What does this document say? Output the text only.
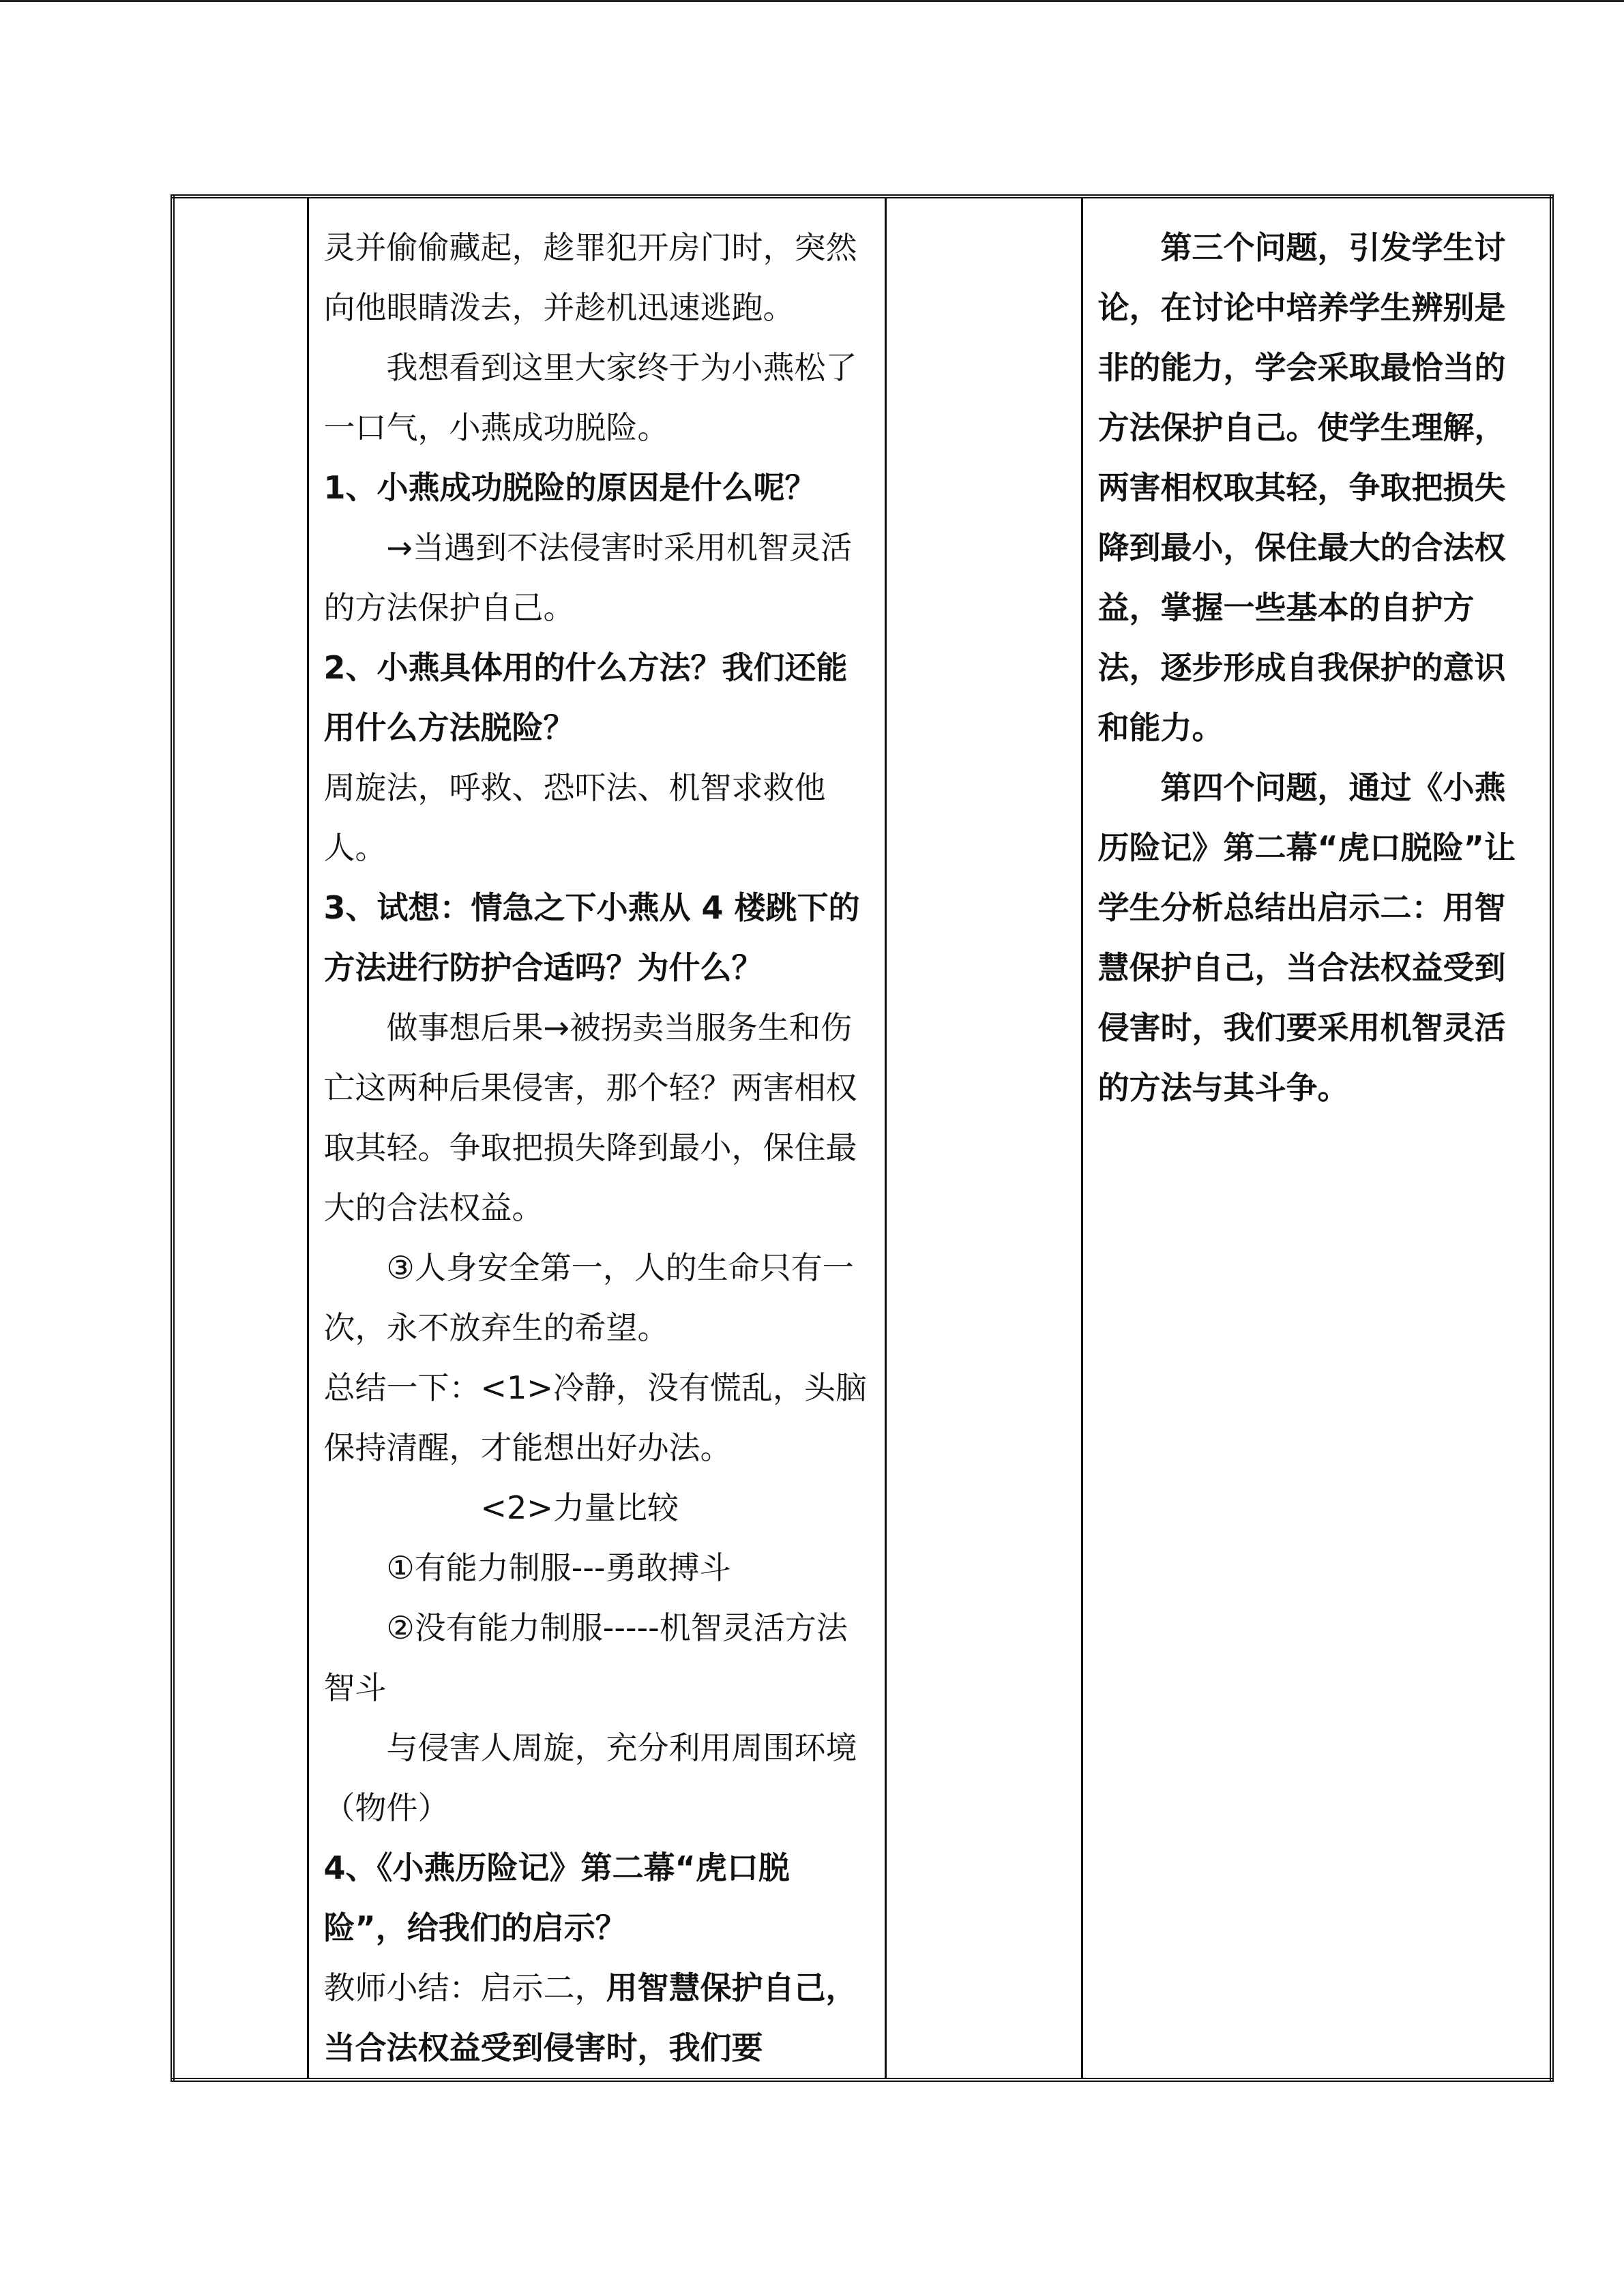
灵并偷偷藏起，趁罪犯开房门时，突然向他眼睛泼去，并趁机迅速逃跑。

我想看到这里大家终于为小燕松了一口气，小燕成功脱险。

1、小燕成功脱险的原因是什么呢？

→当遇到不法侵害时采用机智灵活的方法保护自己。

2、小燕具体用的什么方法？我们还能用什么方法脱险？

周旋法，呼救、恐吓法、机智求救他人。

3、试想：情急之下小燕从 4 楼跳下的方法进行防护合适吗？为什么？

做事想后果→被拐卖当服务生和伤亡这两种后果侵害，那个轻？两害相权取其轻。争取把损失降到最小，保住最大的合法权益。

③人身安全第一，人的生命只有一次，永不放弃生的希望。

总结一下：<1>冷静，没有慌乱，头脑保持清醒，才能想出好办法。

<2>力量比较

①有能力制服---勇敢搏斗

②没有能力制服-----机智灵活方法智斗

与侵害人周旋，充分利用周围环境（物件）

4、《小燕历险记》第二幕“虎口脱险”，给我们的启示？

教师小结：启示二，用智慧保护自己，当合法权益受到侵害时，我们要

第三个问题，引发学生讨论，在讨论中培养学生辨别是非的能力，学会采取最恰当的方法保护自己。使学生理解，两害相权取其轻，争取把损失降到最小，保住最大的合法权益，掌握一些基本的自护方法，逐步形成自我保护的意识和能力。

第四个问题，通过《小燕历险记》第二幕“虎口脱险”让学生分析总结出启示二：用智慧保护自己，当合法权益受到侵害时，我们要采用机智灵活的方法与其斗争。
